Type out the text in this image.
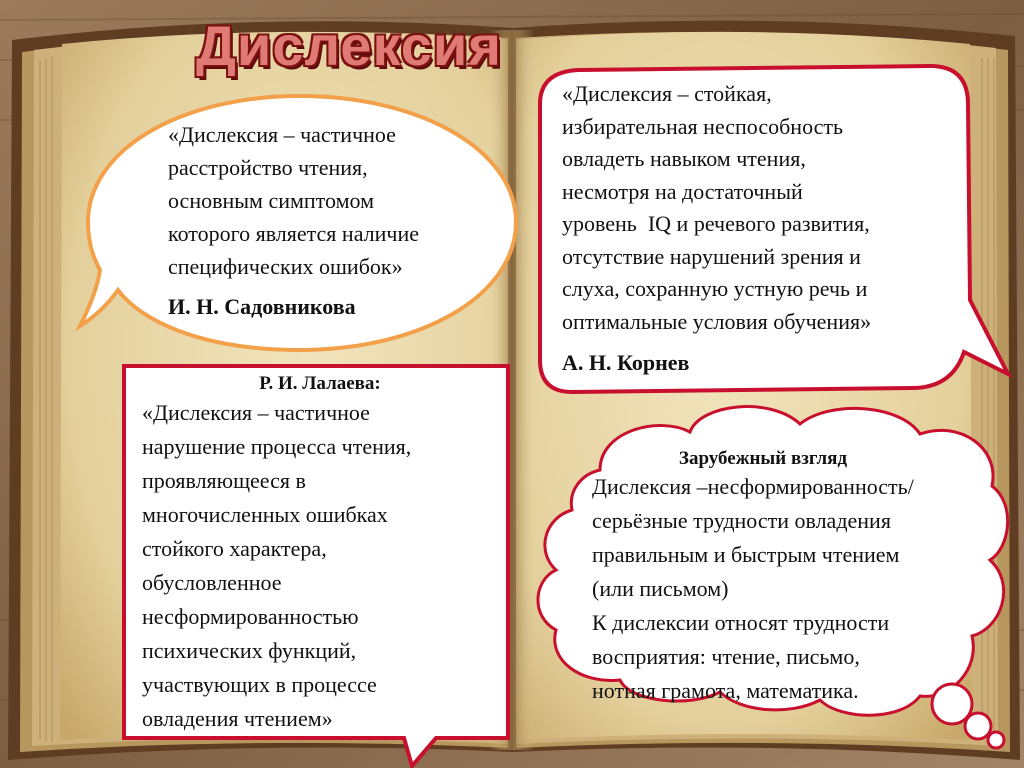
Дислексия
«Дислексия – частичное
расстройство чтения,
основным симптомом
которого является наличие
специфических ошибок»
И. Н. Садовникова
«Дислексия – стойкая,
избирательная неспособность
овладеть навыком чтения,
несмотря на достаточный
уровень  IQ и речевого развития,
отсутствие нарушений зрения и
слуха, сохранную устную речь и
оптимальные условия обучения»
А. Н. Корнев
Р. И. Лалаева:
«Дислексия – частичное
нарушение процесса чтения,
проявляющееся в
многочисленных ошибках
стойкого характера,
обусловленное
несформированностью
психических функций,
участвующих в процессе
овладения чтением»
Зарубежный взгляд
Дислексия –несформированность/
серьёзные трудности овладения
правильным и быстрым чтением
(или письмом)
К дислексии относят трудности
восприятия: чтение, письмо,
нотная грамота, математика.
